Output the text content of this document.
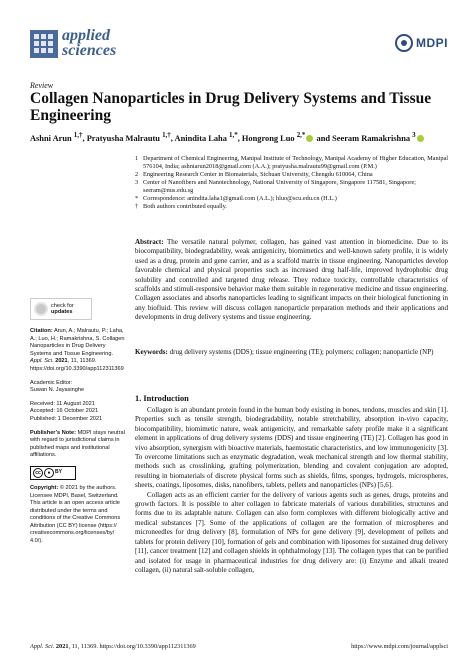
applied
sciences	MDPI
Review
Collagen Nanoparticles in Drug Delivery Systems and Tissue Engineering
Ashni Arun $^{1,\dagger}$, Pratyusha Malrautu $^{1,\dagger}$, Anindita Laha $^{1,*}$, Hongrong Luo $^{2,*}$ and Seeram Ramakrishna $^3$
1 Department of Chemical Engineering, Manipal Institute of Technology, Manipal Academy of Higher Education, Manipal 576104, India; ashniarun2018@gmail.com (A.A.); pratyusha.malrautu99@gmail.com (P.M.)
2 Engineering Research Center in Biomaterials, Sichuan University, Chengdu 610064, China
3 Center of Nanofibers and Nanotechnology, National University of Singapore, Singapore 117581, Singapore; seeram@nus.edu.sg
* Correspondence: anindita.laha1@gmail.com (A.L.); hluo@scu.edu.cn (H.L.)
† Both authors contributed equally.
Abstract: The versatile natural polymer, collagen, has gained vast attention in biomedicine. Due to its biocompatibility, biodegradability, weak antigenicity, biomimetics and well-known safety profile, it is widely used as a drug, protein and gene carrier, and as a scaffold matrix in tissue engineering. Nanoparticles develop favorable chemical and physical properties such as increased drug half-life, improved hydrophobic drug solubility and controlled and targeted drug release. They reduce toxicity, controllable characteristics of scaffolds and stimuli-responsive behavior make them suitable in regenerative medicine and tissue engineering. Collagen associates and absorbs nanoparticles leading to significant impacts on their biological functioning in any biofluid. This review will discuss collagen nanoparticle preparation methods and their applications and developments in drug delivery systems and tissue engineering.
Keywords: drug delivery systems (DDS); tissue engineering (TE); polymers; collagen; nanoparticle (NP)
check for
updates
Citation: Arun, A.; Malrautu, P.; Laha, A.; Luo, H.; Ramakrishna, S. Collagen Nanoparticles in Drug Delivery Systems and Tissue Engineering. Appl. Sci. 2021, 11, 11369. https://doi.org/10.3390/app112311369
Academic Editor:
Suwan N. Jayasinghe
Received: 11 August 2021
Accepted: 16 October 2021
Published: 1 December 2021
Publisher’s Note: MDPI stays neutral with regard to jurisdictional claims in published maps and institutional affiliations.
cc	● BY
Copyright: © 2021 by the authors. Licensee MDPI, Basel, Switzerland. This article is an open access article distributed under the terms and conditions of the Creative Commons Attribution (CC BY) license (https:// creativecommons.org/licenses/by/ 4.0/).
1. Introduction

Collagen is an abundant protein found in the human body existing in bones, tendons, muscles and skin [1]. Properties such as tensile strength, biodegradability, notable stretchability, absorption in-vivo capacity, biocompatibility, biomimetic nature, weak antigenicity, and remarkable safety profile make it a significant element in applications of drug delivery systems (DDS) and tissue engineering (TE) [2]. Collagen has good in vivo absorption, synergism with bioactive materials, haemostatic characteristics, and low immunogenicity [3]. To overcome limitations such as enzymatic degradation, weak mechanical strength and low thermal stability, methods such as crosslinking, grafting polymerization, blending and covalent conjugation are adopted, resulting in biomaterials of discrete physical forms such as shields, films, sponges, hydrogels, microspheres, sheets, coatings, liposomes, disks, nanofibers, tablets, pellets and nanoparticles (NPs) [5,6].

Collagen acts as an efficient carrier for the delivery of various agents such as genes, drugs, proteins and growth factors. It is possible to alter collagen to fabricate materials of various durabilities, structures and forms due to its adaptable nature. Collagen can also form complexes with different biologically active and medical substances [7]. Some of the applications of collagen are the formation of microspheres and microneedles for drug delivery [8], formulation of NPs for gene delivery [9], development of pellets and tablets for protein delivery [10], formation of gels and combination with liposomes for sustained drug delivery [11], cancer treatment [12] and collagen shields in ophthalmology [13]. The collagen types that can be purified and isolated for usage in pharmaceutical industries for drug delivery are: (i) Enzyme and alkali treated collagen, (ii) natural salt-soluble collagen,

Appl. Sci. 2021, 11, 11369. https://doi.org/10.3390/app112311369	https://www.mdpi.com/journal/applsci
